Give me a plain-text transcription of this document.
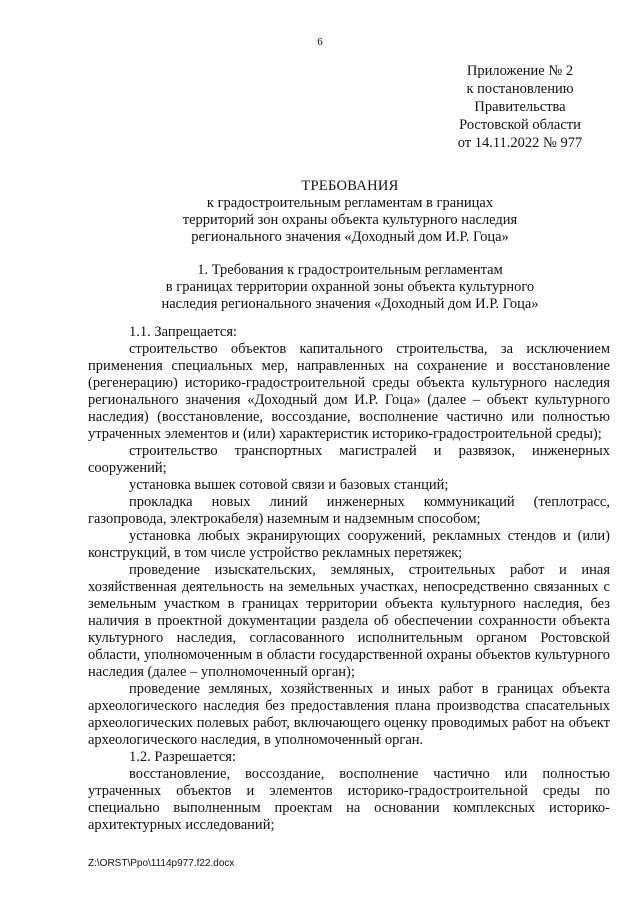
6
Приложение № 2
к постановлению
Правительства
Ростовской области
от 14.11.2022 № 977
ТРЕБОВАНИЯ
к градостроительным регламентам в границах
территорий зон охраны объекта культурного наследия
регионального значения «Доходный дом И.Р. Гоца»
1. Требования к градостроительным регламентам
в границах территории охранной зоны объекта культурного
наследия регионального значения «Доходный дом И.Р. Гоца»

1.1. Запрещается:

строительство объектов капитального строительства, за исключением применения специальных мер, направленных на сохранение и восстановление (регенерацию) историко-градостроительной среды объекта культурного наследия регионального значения «Доходный дом И.Р. Гоца» (далее – объект культурного наследия) (восстановление, воссоздание, восполнение частично или полностью утраченных элементов и (или) характеристик историко-градостроительной среды);

строительство транспортных магистралей и развязок, инженерных сооружений;

установка вышек сотовой связи и базовых станций;

прокладка новых линий инженерных коммуникаций (теплотрасс, газопровода, электрокабеля) наземным и надземным способом;

установка любых экранирующих сооружений, рекламных стендов и (или) конструкций, в том числе устройство рекламных перетяжек;

проведение изыскательских, земляных, строительных работ и иная хозяйственная деятельность на земельных участках, непосредственно связанных с земельным участком в границах территории объекта культурного наследия, без наличия в проектной документации раздела об обеспечении сохранности объекта культурного наследия, согласованного исполнительным органом Ростовской области, уполномоченным в области государственной охраны объектов культурного наследия (далее – уполномоченный орган);

проведение земляных, хозяйственных и иных работ в границах объекта археологического наследия без предоставления плана производства спасательных археологических полевых работ, включающего оценку проводимых работ на объект археологического наследия, в уполномоченный орган.

1.2. Разрешается:

восстановление, воссоздание, восполнение частично или полностью утраченных объектов и элементов историко-градостроительной среды по специально выполненным проектам на основании комплексных историко-архитектурных исследований;

Z:\ORST\Ppo\1114p977.f22.docx
